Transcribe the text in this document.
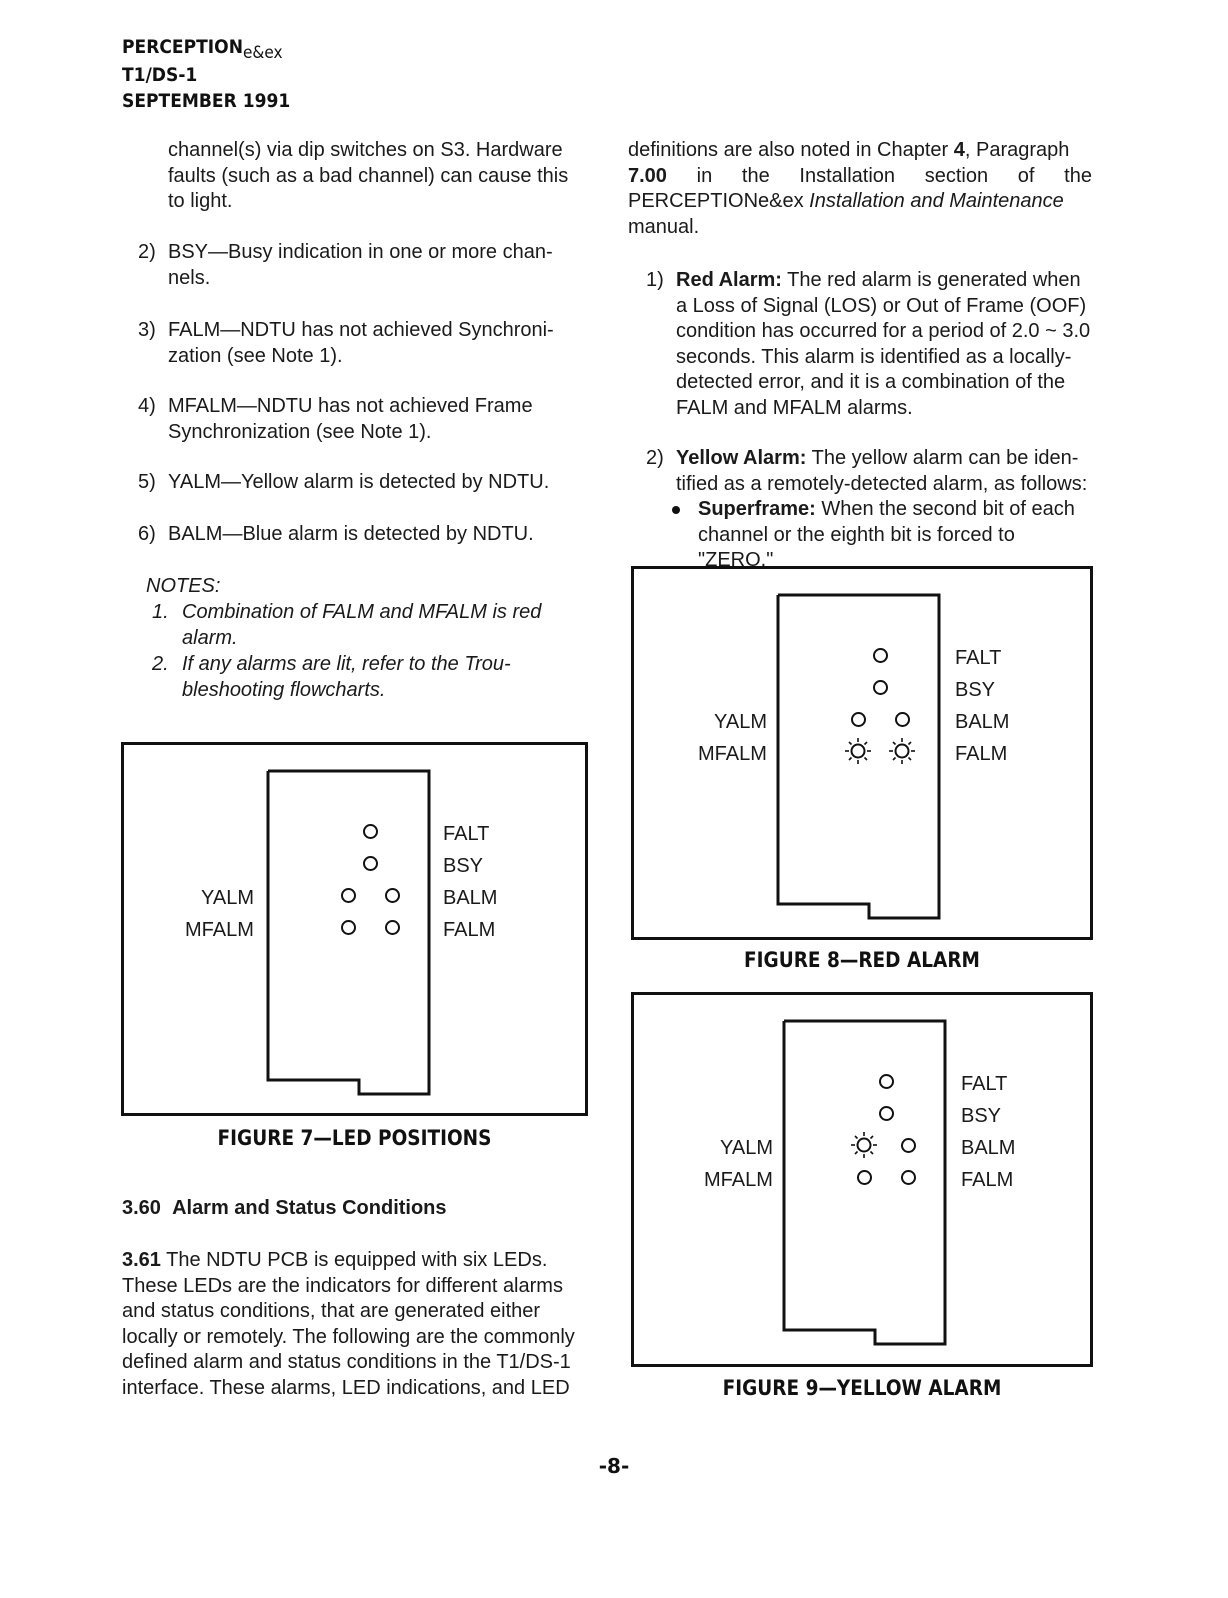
$PERCEPTION_{e\&ex}$
T1/DS-1
SEPTEMBER 1991
channel(s) via dip switches on S3. Hardware
faults (such as a bad channel) can cause this
to light.
2) BSY—Busy indication in one or more chan-
nels.
3) FALM—NDTU has not achieved Synchroni-
zation (see Note 1).
4) MFALM—NDTU has not achieved Frame
Synchronization (see Note 1).
5) YALM—Yellow alarm is detected by NDTU.
6) BALM—Blue alarm is detected by NDTU.
NOTES:
1. Combination of FALM and MFALM is red
alarm.
2. If any alarms are lit, refer to the Trou-
bleshooting flowcharts.
FALT
BSY
BALM
FALM
YALM
MFALM
FIGURE 7—LED POSITIONS
3.60 Alarm and Status Conditions
3.61 The NDTU PCB is equipped with six LEDs.
These LEDs are the indicators for different alarms
and status conditions, that are generated either
locally or remotely. The following are the commonly
defined alarm and status conditions in the T1/DS-1
interface. These alarms, LED indications, and LED
definitions are also noted in Chapter 4, Paragraph
7.00 in the Installation section of the
PERCEPTIONe&ex Installation and Maintenance
manual.
1) Red Alarm: The red alarm is generated when
a Loss of Signal (LOS) or Out of Frame (OOF)
condition has occurred for a period of 2.0 ~ 3.0
seconds. This alarm is identified as a locally-
detected error, and it is a combination of the
FALM and MFALM alarms.
2) Yellow Alarm: The yellow alarm can be iden-
tified as a remotely-detected alarm, as follows:
Superframe: When the second bit of each
channel or the eighth bit is forced to "ZERO."
FALT
BSY
BALM
FALM
YALM
MFALM
FIGURE 8—RED ALARM
FALT
BSY
BALM
FALM
YALM
MFALM
FIGURE 9—YELLOW ALARM
-8-
